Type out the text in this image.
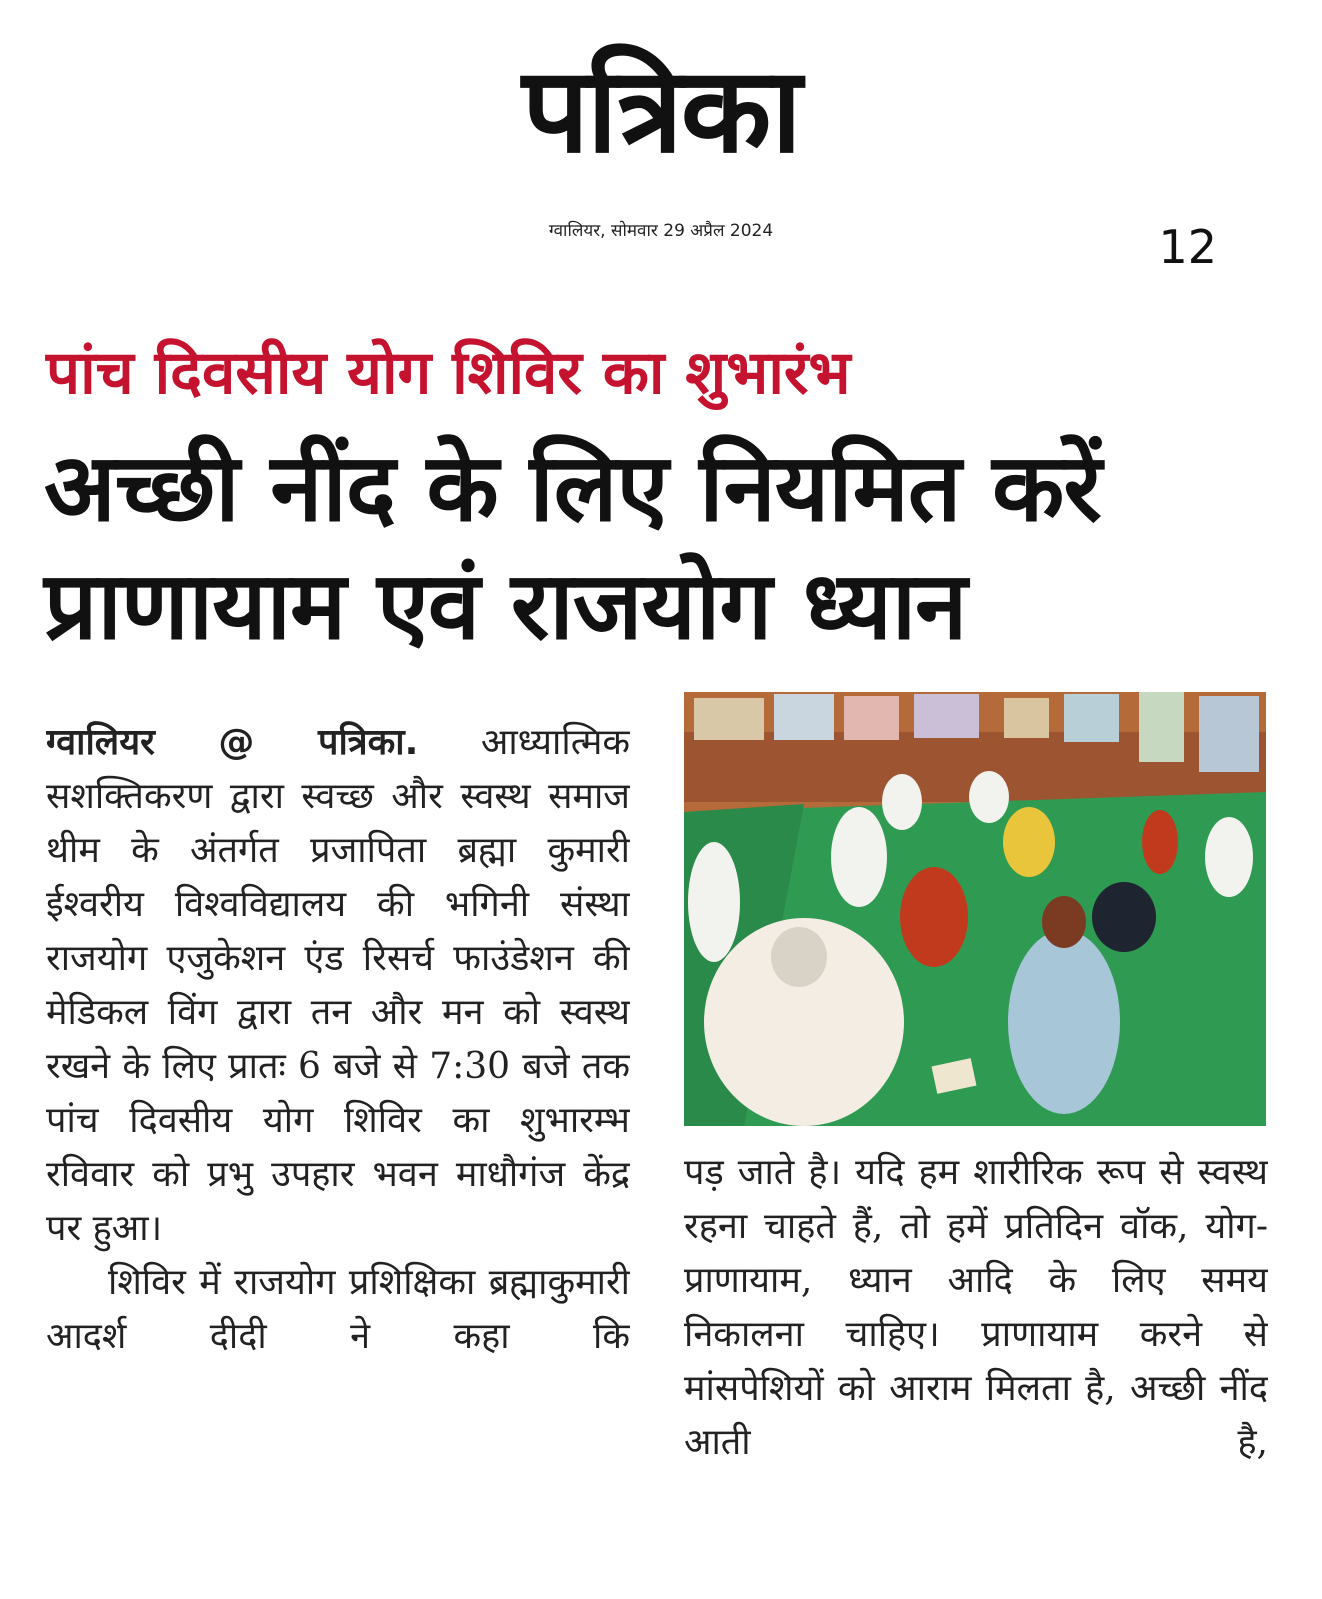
पत्रिका
ग्वालियर, सोमवार 29 अप्रैल 2024	12
पांच दिवसीय योग शिविर का शुभारंभ
अच्छी नींद के लिए नियमित करें
प्राणायाम एवं राजयोग ध्यान

ग्वालियर @ पत्रिका. आध्यात्मिक सशक्तिकरण द्वारा स्वच्छ और स्वस्थ समाज थीम के अंतर्गत प्रजापिता ब्रह्मा कुमारी ईश्वरीय विश्वविद्यालय की भगिनी संस्था राजयोग एजुकेशन एंड रिसर्च फाउंडेशन की मेडिकल विंग द्वारा तन और मन को स्वस्थ रखने के लिए प्रातः 6 बजे से 7:30 बजे तक पांच दिवसीय योग शिविर का शुभारम्भ रविवार को प्रभु उपहार भवन माधौगंज केंद्र पर हुआ।

शिविर में राजयोग प्रशिक्षिका ब्रह्माकुमारी आदर्श दीदी ने कहा कि

पड़ जाते है। यदि हम शारीरिक रूप से स्वस्थ रहना चाहते हैं, तो हमें प्रतिदिन वॉक, योग-प्राणायाम, ध्यान आदि के लिए समय निकालना चाहिए। प्राणायाम करने से मांसपेशियों को आराम मिलता है, अच्छी नींद आती है,
